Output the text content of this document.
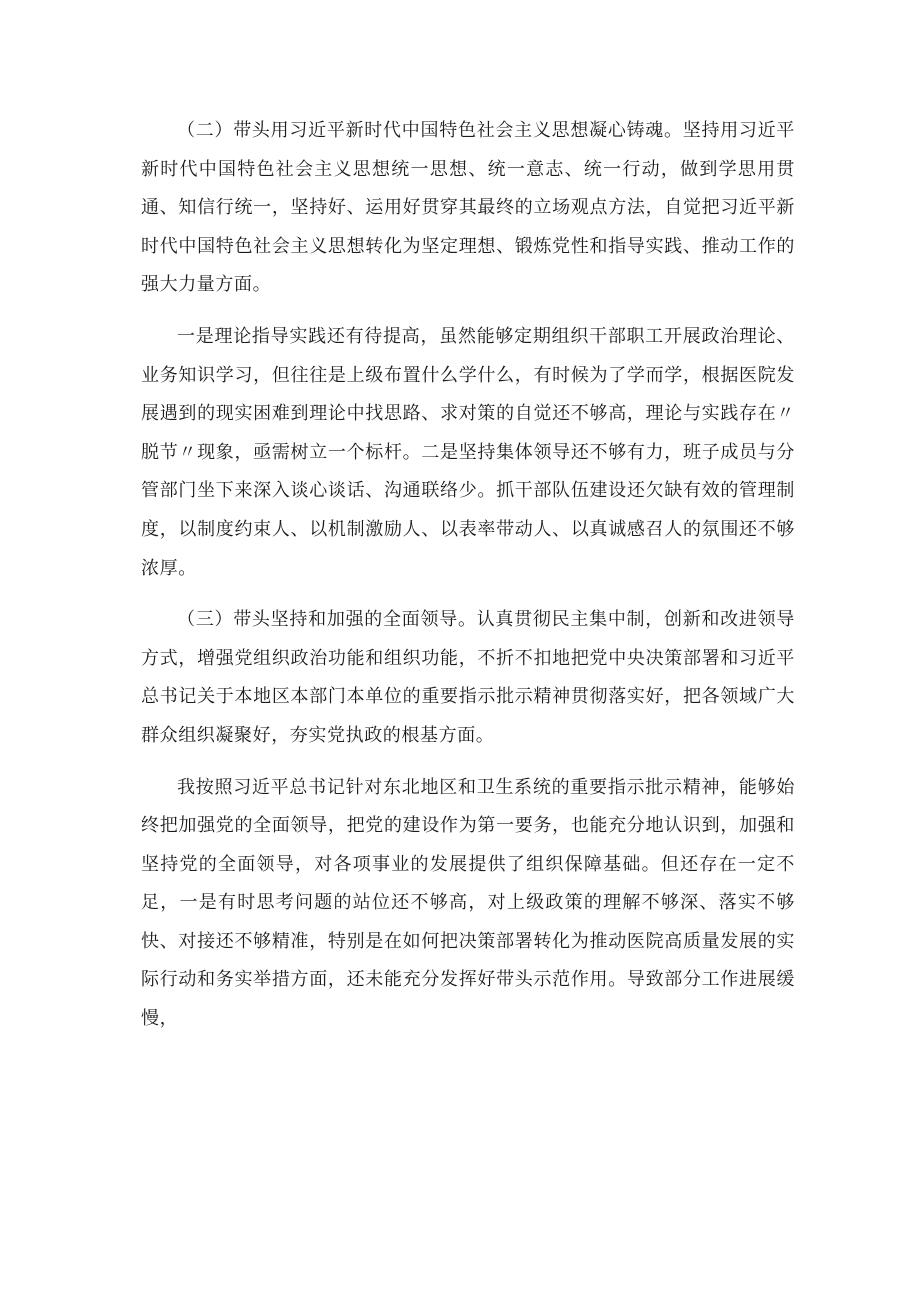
（二）带头用习近平新时代中国特色社会主义思想凝心铸魂。坚持用习近平新时代中国特色社会主义思想统一思想、统一意志、统一行动，做到学思用贯通、知信行统一，坚持好、运用好贯穿其最终的立场观点方法，自觉把习近平新时代中国特色社会主义思想转化为坚定理想、锻炼党性和指导实践、推动工作的强大力量方面。

一是理论指导实践还有待提高，虽然能够定期组织干部职工开展政治理论、业务知识学习，但往往是上级布置什么学什么，有时候为了学而学，根据医院发展遇到的现实困难到理论中找思路、求对策的自觉还不够高，理论与实践存在〃脱节〃现象，亟需树立一个标杆。二是坚持集体领导还不够有力，班子成员与分管部门坐下来深入谈心谈话、沟通联络少。抓干部队伍建设还欠缺有效的管理制度，以制度约束人、以机制激励人、以表率带动人、以真诚感召人的氛围还不够浓厚。

（三）带头坚持和加强的全面领导。认真贯彻民主集中制，创新和改进领导方式，增强党组织政治功能和组织功能，不折不扣地把党中央决策部署和习近平总书记关于本地区本部门本单位的重要指示批示精神贯彻落实好，把各领域广大群众组织凝聚好，夯实党执政的根基方面。

我按照习近平总书记针对东北地区和卫生系统的重要指示批示精神，能够始终把加强党的全面领导，把党的建设作为第一要务，也能充分地认识到，加强和坚持党的全面领导，对各项事业的发展提供了组织保障基础。但还存在一定不足，一是有时思考问题的站位还不够高，对上级政策的理解不够深、落实不够快、对接还不够精准，特别是在如何把决策部署转化为推动医院高质量发展的实际行动和务实举措方面，还未能充分发挥好带头示范作用。导致部分工作进展缓慢，
